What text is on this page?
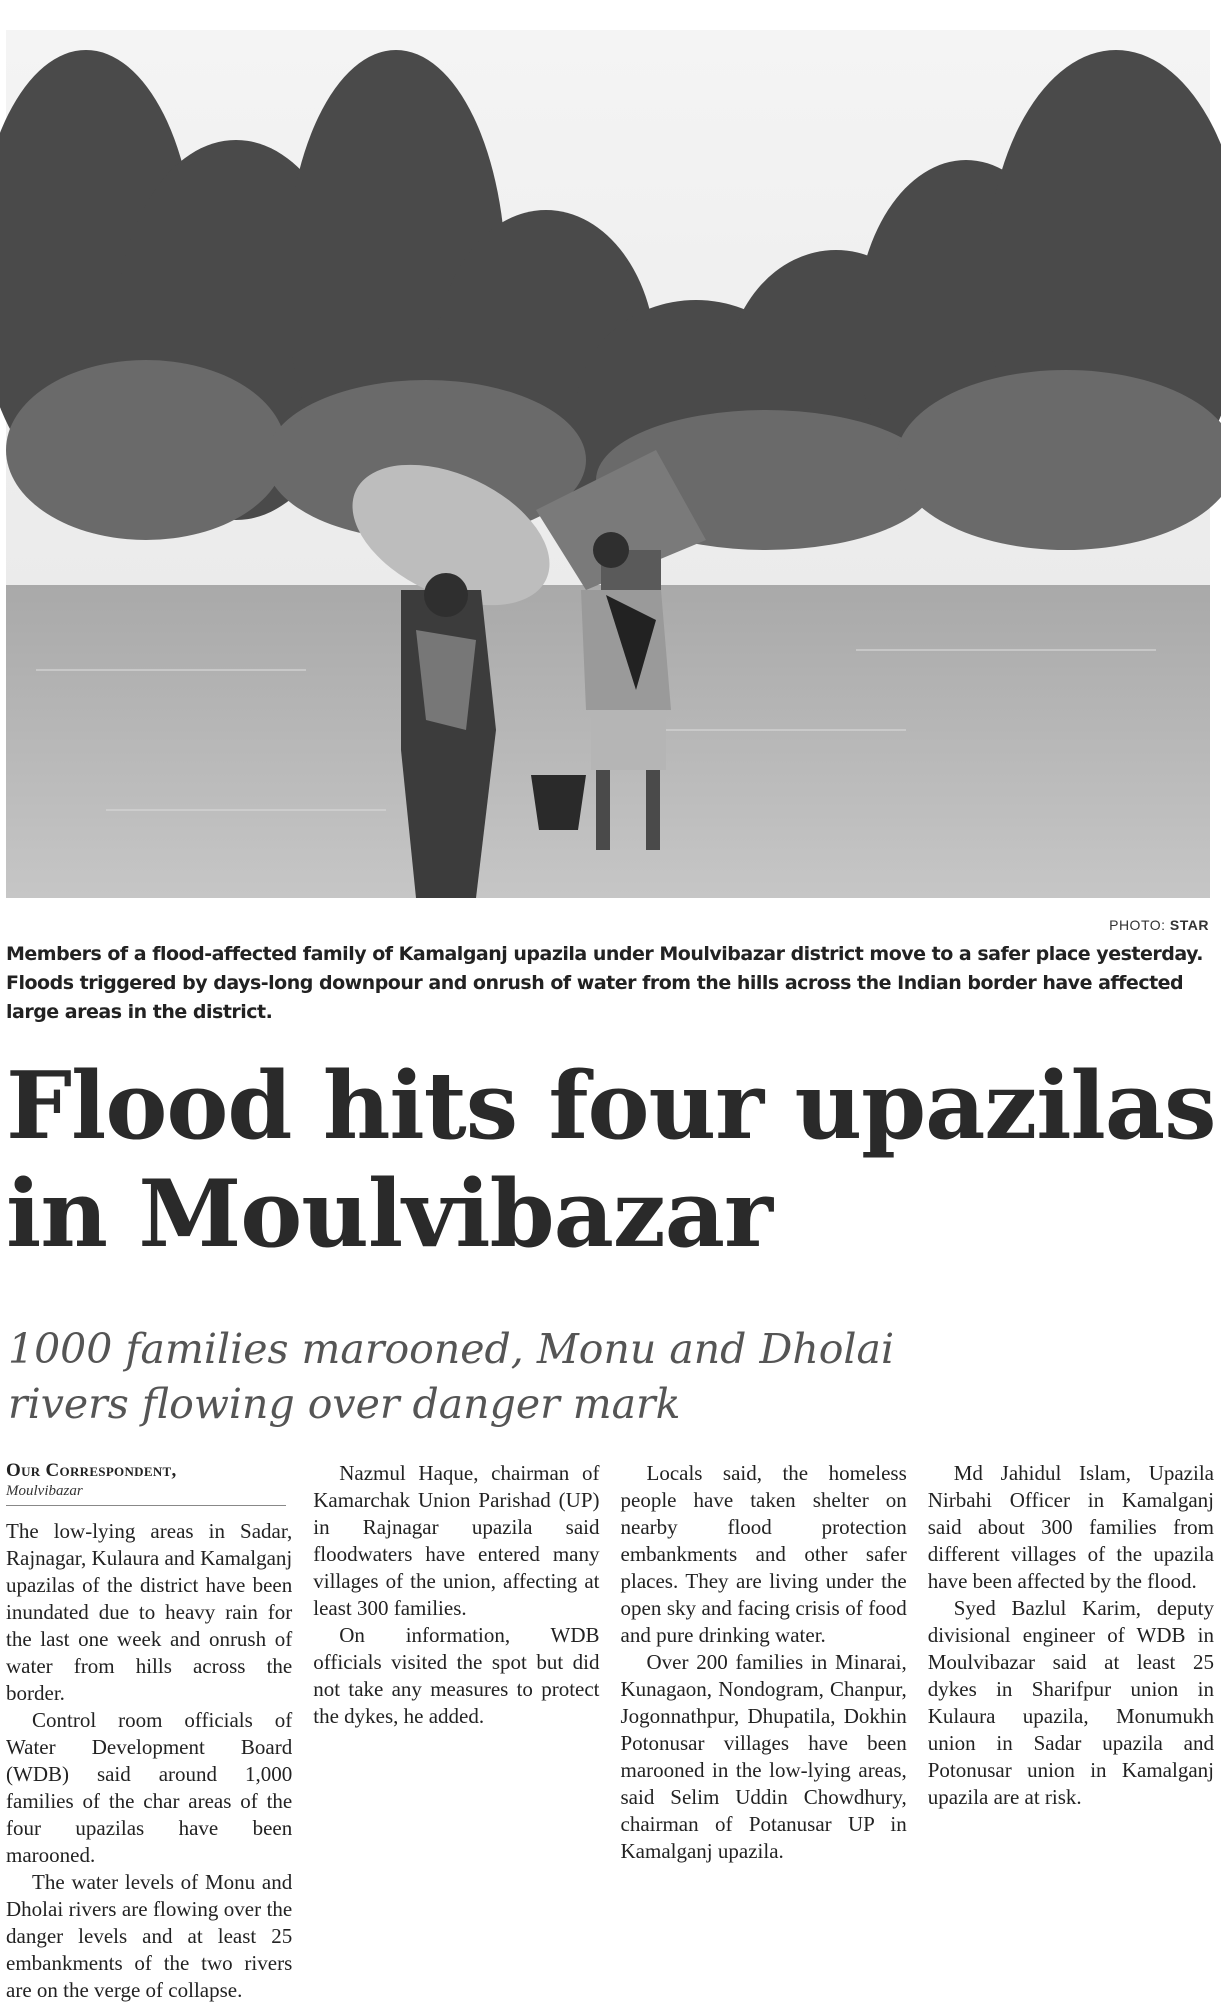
PHOTO: STAR
Members of a flood-affected family of Kamalganj upazila under Moulvibazar district move to a safer place yesterday. Floods triggered by days-long downpour and onrush of water from the hills across the Indian border have affected large areas in the district.
Flood hits four upazilas in Moulvibazar
1000 families marooned, Monu and Dholai rivers flowing over danger mark
Our Correspondent,
Moulvibazar

The low-lying areas in Sadar, Rajnagar, Kulaura and Kamalganj upazilas of the district have been inundated due to heavy rain for the last one week and onrush of water from hills across the border.

Control room officials of Water Development Board (WDB) said around 1,000 families of the char areas of the four upazilas have been marooned.

The water levels of Monu and Dholai rivers are flowing over the danger levels and at least 25 embankments of the two rivers are on the verge of collapse.

Nazmul Haque, chairman of Kamarchak Union Parishad (UP) in Rajnagar upazila said floodwaters have entered many villages of the union, affecting at least 300 families.

On information, WDB officials visited the spot but did not take any measures to protect the dykes, he added.

Locals said, the homeless people have taken shelter on nearby flood protection embankments and other safer places. They are living under the open sky and facing crisis of food and pure drinking water.

Over 200 families in Minarai, Kunagaon, Nondogram, Chanpur, Jogonnathpur, Dhupatila, Dokhin Potonusar villages have been marooned in the low-lying areas, said Selim Uddin Chowdhury, chairman of Potanusar UP in Kamalganj upazila.

Md Jahidul Islam, Upazila Nirbahi Officer in Kamalganj said about 300 families from different villages of the upazila have been affected by the flood.

Syed Bazlul Karim, deputy divisional engineer of WDB in Moulvibazar said at least 25 dykes in Sharifpur union in Kulaura upazila, Monumukh union in Sadar upazila and Potonusar union in Kamalganj upazila are at risk.
